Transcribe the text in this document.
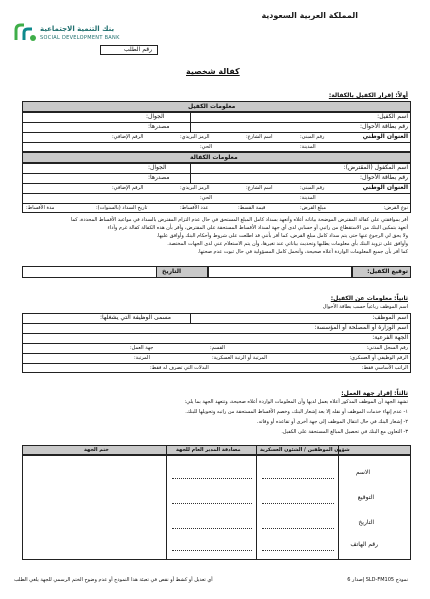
المملكة العربية السعودية
بنك التنمية الاجتماعية
SOCIAL DEVELOPMENT BANK
رقم الطلب
كفالة شخصية
أولاً: إقرار الكفيل بالكفالة:
معلومات الكفيل
اسم الكفيل:
الجوال:
رقم بطاقة الأحوال:
مصدرها:
العنوان الوطني
رقم المبنى:
اسم الشارع:
الرمز البريدي:
الرقم الإضافي:
المدينة:
الحي:
معلومات الكفالة
اسم المكفول (المقترض):
الجوال:
رقم بطاقة الأحوال:
مصدرها:
العنوان الوطني
رقم المبنى:
اسم الشارع:
الرمز البريدي:
الرقم الإضافي:
المدينة:
الحي:
نوع القرض:
مبلغ القرض:
قيمة القسط:
عدد الأقساط:
تاريخ السداد (بالسنوات):
مدة الأقساط:
أقر بموافقتي على كفالة المقترض الموضحة بياناته أعلاه وأتعهد بسداد كامل المبلغ المستحق في حال عدم التزام المقترض بالسداد في مواعيد الأقساط المحددة، كما
أتعهد بتمكين البنك من الاستقطاع من راتبي أو حسابي لدى أي جهة لسداد الأقساط المستحقة على المقترض، وأقر بأن هذه الكفالة كفالة غرم وأداء
ولا يحق لي الرجوع عنها حتى يتم سداد كامل مبلغ القرض، كما أقر بأنني قد اطلعت على شروط وأحكام البنك وأوافق عليها.
وأوافق على تزويد البنك بأي معلومات يطلبها وتحديث بياناتي عند تغيرها، وأن يتم الاستعلام عني لدى الجهات المختصة.
كما أقر بأن جميع المعلومات الواردة أعلاه صحيحة، وأتحمل كامل المسؤولية في حال ثبوت عدم صحتها.
توقيع الكفيل:
التاريخ
ثانياً: معلومات عن الكفيل:
اسم الموظف رباعياً حسب بطاقة الأحوال
اسم الموظف:
مسمى الوظيفة التي يشغلها:
اسم الوزارة أو المصلحة أو المؤسسة:
الجهة الفرعية:
رقم السجل المدني:
القسم:
جهة العمل:
الرقم الوظيفي أو العسكري:
المرتبة أو الرتبة العسكرية:
المرتبة:
الراتب الأساسي فقط:
البدلات التي تصرف له فقط:
ثالثاً: إقرار جهة العمل:
تشهد الجهة أن الموظف المذكور أعلاه يعمل لديها وأن المعلومات الواردة أعلاه صحيحة، وتتعهد الجهة بما يلي:
١- عدم إنهاء خدمات الموظف أو نقله إلا بعد إشعار البنك، وخصم الأقساط المستحقة من راتبه وتحويلها للبنك.
٢- إشعار البنك في حال انتقال الموظف إلى جهة أخرى أو تقاعده أو وفاته.
٣- التعاون مع البنك في تحصيل المبالغ المستحقة على الكفيل.
شؤون الموظفين / الشئون العسكرية
مصادقة المدير العام للجهة
ختم الجهة
الاسم
التوقيع
التاريخ
رقم الهاتف
نموذج SLD-FM105 إصدار 6
أي تعديل أو كشط أو نقص في تعبئة هذا النموذج أو عدم وضوح الختم الرسمي للجهة يلغي الطلب
